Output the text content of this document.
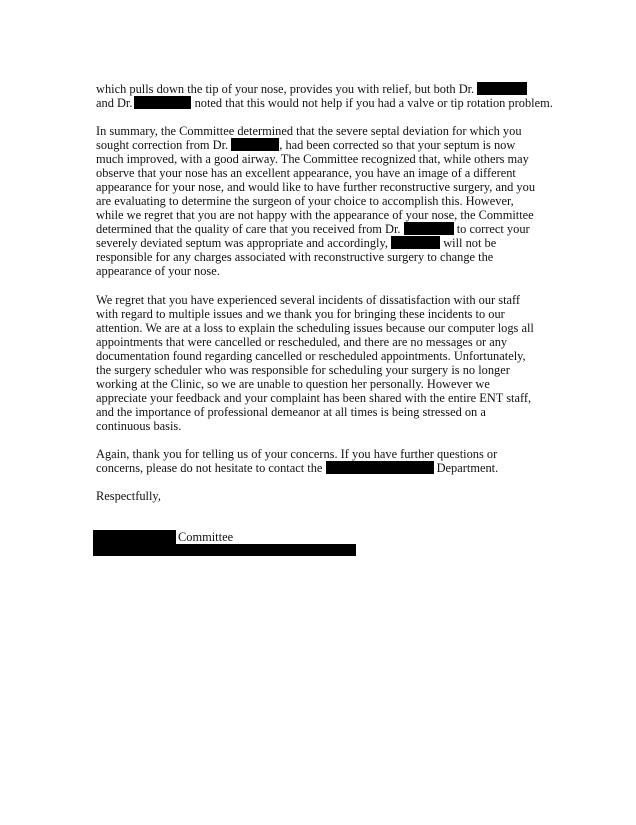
which pulls down the tip of your nose, provides you with relief, but both Dr.
and Dr.	noted that this would not help if you had a valve or tip rotation problem.
In summary, the Committee determined that the severe septal deviation for which you
sought correction from Dr.	, had been corrected so that your septum is now
much improved, with a good airway. The Committee recognized that, while others may
observe that your nose has an excellent appearance, you have an image of a different
appearance for your nose, and would like to have further reconstructive surgery, and you
are evaluating to determine the surgeon of your choice to accomplish this. However,
while we regret that you are not happy with the appearance of your nose, the Committee
determined that the quality of care that you received from Dr.	to correct your
severely deviated septum was appropriate and accordingly,	will not be
responsible for any charges associated with reconstructive surgery to change the
appearance of your nose.
We regret that you have experienced several incidents of dissatisfaction with our staff
with regard to multiple issues and we thank you for bringing these incidents to our
attention. We are at a loss to explain the scheduling issues because our computer logs all
appointments that were cancelled or rescheduled, and there are no messages or any
documentation found regarding cancelled or rescheduled appointments. Unfortunately,
the surgery scheduler who was responsible for scheduling your surgery is no longer
working at the Clinic, so we are unable to question her personally. However we
appreciate your feedback and your complaint has been shared with the entire ENT staff,
and the importance of professional demeanor at all times is being stressed on a
continuous basis.
Again, thank you for telling us of your concerns. If you have further questions or
concerns, please do not hesitate to contact the	Department.
Respectfully,
Committee
